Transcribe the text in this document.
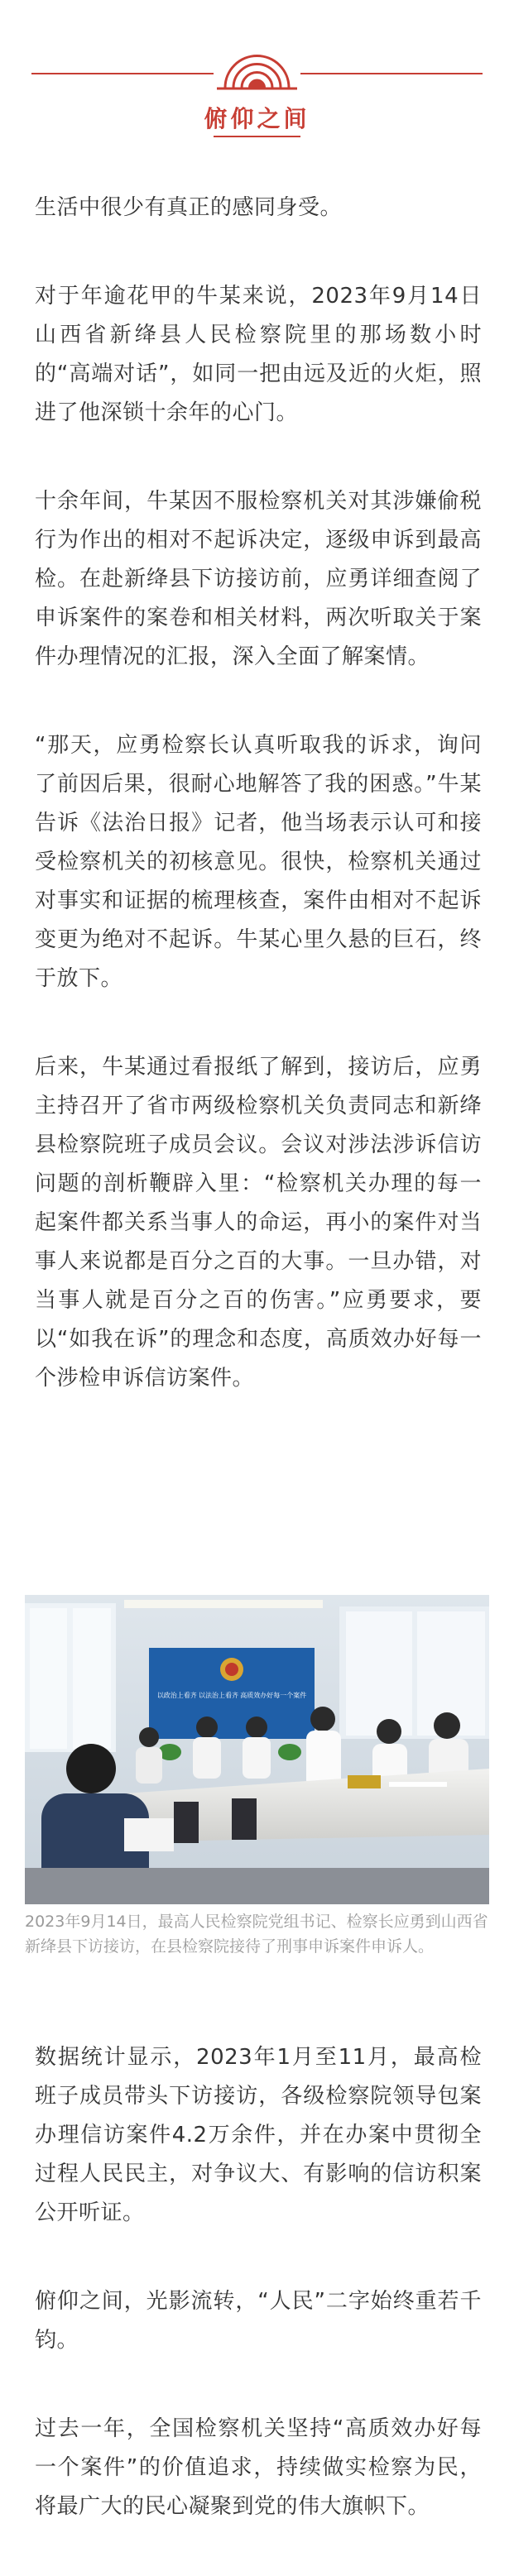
俯仰之间

生活中很少有真正的感同身受。

对于年逾花甲的牛某来说，2023年9月14日山西省新绛县人民检察院里的那场数小时的“高端对话”，如同一把由远及近的火炬，照进了他深锁十余年的心门。

十余年间，牛某因不服检察机关对其涉嫌偷税行为作出的相对不起诉决定，逐级申诉到最高检。在赴新绛县下访接访前，应勇详细查阅了申诉案件的案卷和相关材料，两次听取关于案件办理情况的汇报，深入全面了解案情。

“那天，应勇检察长认真听取我的诉求，询问了前因后果，很耐心地解答了我的困惑。”牛某告诉《法治日报》记者，他当场表示认可和接受检察机关的初核意见。很快，检察机关通过对事实和证据的梳理核查，案件由相对不起诉变更为绝对不起诉。牛某心里久悬的巨石，终于放下。

后来，牛某通过看报纸了解到，接访后，应勇主持召开了省市两级检察机关负责同志和新绛县检察院班子成员会议。会议对涉法涉诉信访问题的剖析鞭辟入里：“检察机关办理的每一起案件都关系当事人的命运，再小的案件对当事人来说都是百分之百的大事。一旦办错，对当事人就是百分之百的伤害。”应勇要求，要以“如我在诉”的理念和态度，高质效办好每一个涉检申诉信访案件。

以政治上看齐 以法治上看齐 高质效办好每一个案件
2023年9月14日，最高人民检察院党组书记、检察长应勇到山西省新绛县下访接访，在县检察院接待了刑事申诉案件申诉人。

数据统计显示，2023年1月至11月，最高检班子成员带头下访接访，各级检察院领导包案办理信访案件4.2万余件，并在办案中贯彻全过程人民民主，对争议大、有影响的信访积案公开听证。

俯仰之间，光影流转，“人民”二字始终重若千钧。

过去一年，全国检察机关坚持“高质效办好每一个案件”的价值追求，持续做实检察为民，将最广大的民心凝聚到党的伟大旗帜下。
